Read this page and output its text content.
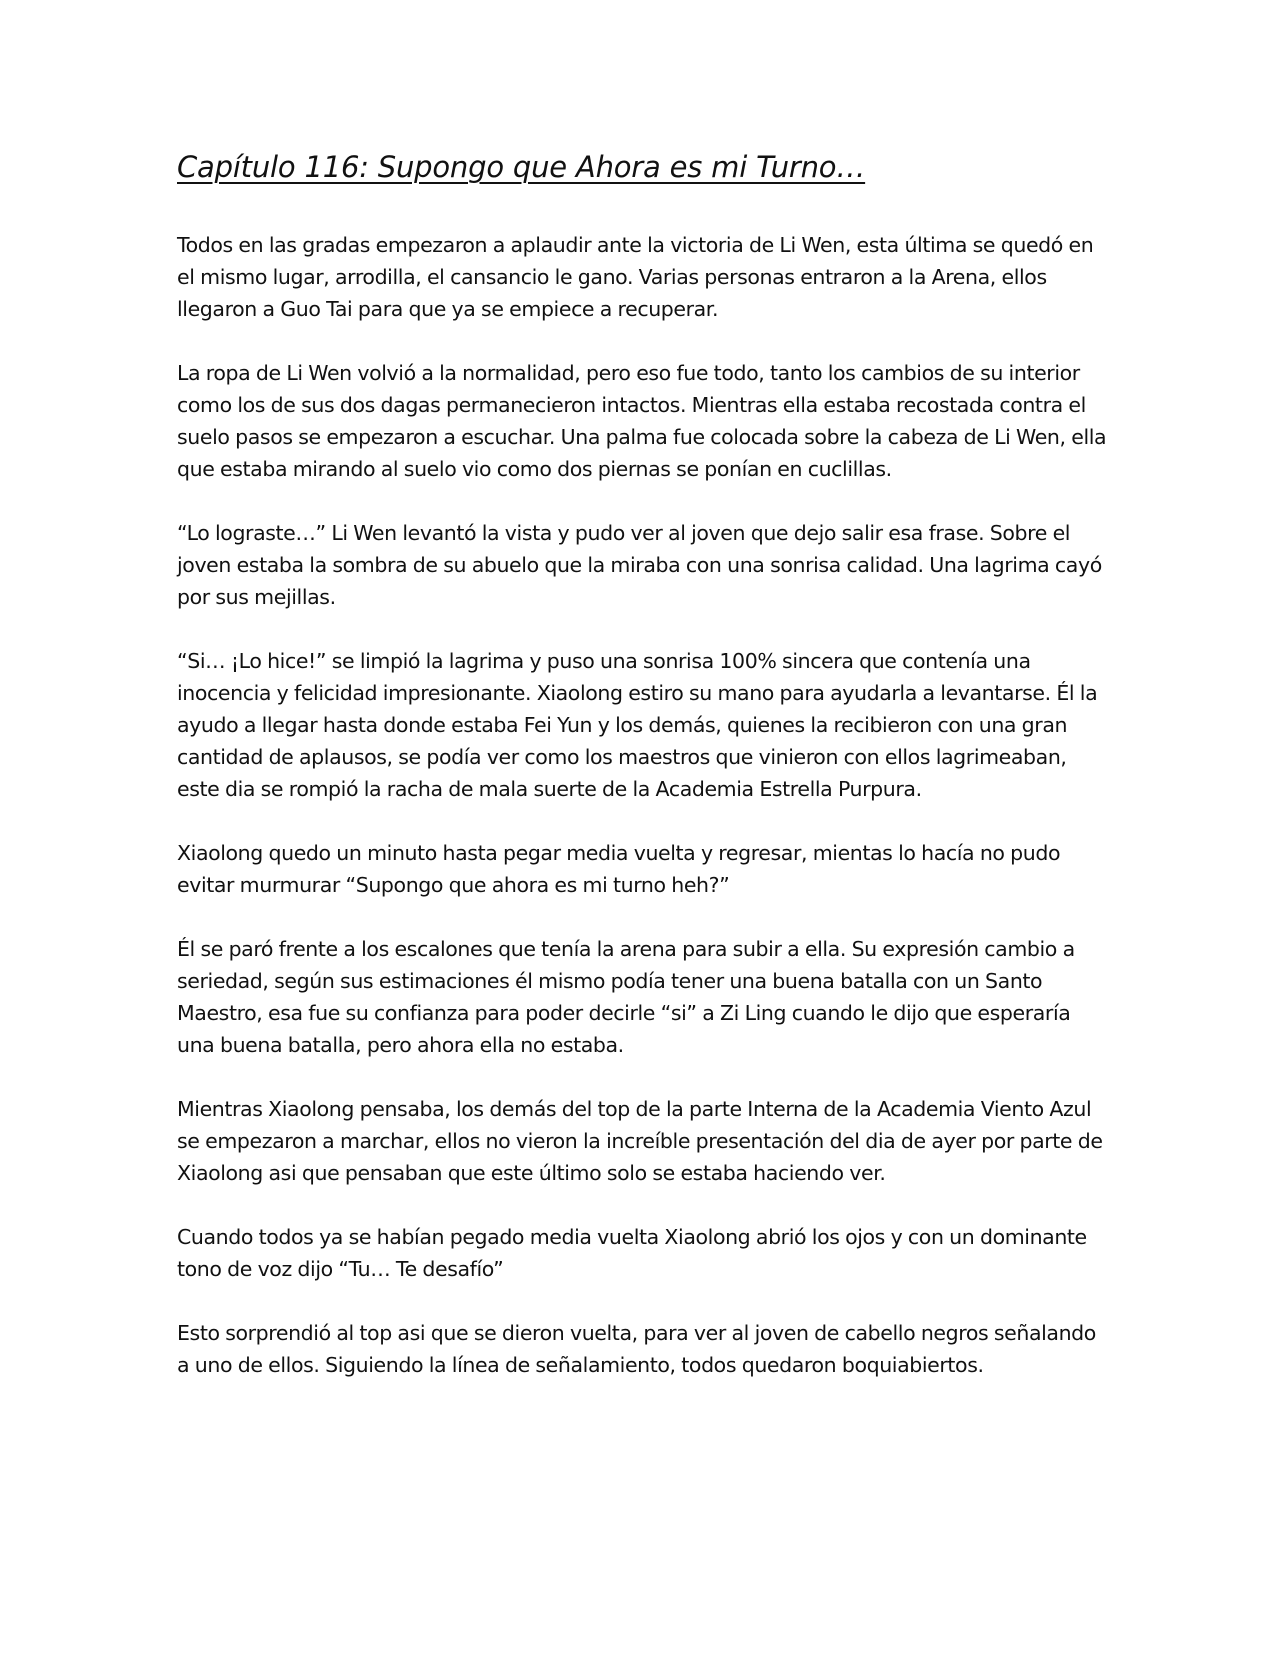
Capítulo 116: Supongo que Ahora es mi Turno…

Todos en las gradas empezaron a aplaudir ante la victoria de Li Wen, esta última se quedó en el mismo lugar, arrodilla, el cansancio le gano. Varias personas entraron a la Arena, ellos llegaron a Guo Tai para que ya se empiece a recuperar.

La ropa de Li Wen volvió a la normalidad, pero eso fue todo, tanto los cambios de su interior como los de sus dos dagas permanecieron intactos. Mientras ella estaba recostada contra el suelo pasos se empezaron a escuchar. Una palma fue colocada sobre la cabeza de Li Wen, ella que estaba mirando al suelo vio como dos piernas se ponían en cuclillas.

“Lo lograste…” Li Wen levantó la vista y pudo ver al joven que dejo salir esa frase. Sobre el joven estaba la sombra de su abuelo que la miraba con una sonrisa calidad. Una lagrima cayó por sus mejillas.

“Si… ¡Lo hice!” se limpió la lagrima y puso una sonrisa 100% sincera que contenía una inocencia y felicidad impresionante. Xiaolong estiro su mano para ayudarla a levantarse. Él la ayudo a llegar hasta donde estaba Fei Yun y los demás, quienes la recibieron con una gran cantidad de aplausos, se podía ver como los maestros que vinieron con ellos lagrimeaban, este dia se rompió la racha de mala suerte de la Academia Estrella Purpura.

Xiaolong quedo un minuto hasta pegar media vuelta y regresar, mientas lo hacía no pudo evitar murmurar “Supongo que ahora es mi turno heh?”

Él se paró frente a los escalones que tenía la arena para subir a ella. Su expresión cambio a seriedad, según sus estimaciones él mismo podía tener una buena batalla con un Santo Maestro, esa fue su confianza para poder decirle “si” a Zi Ling cuando le dijo que esperaría una buena batalla, pero ahora ella no estaba.

Mientras Xiaolong pensaba, los demás del top de la parte Interna de la Academia Viento Azul se empezaron a marchar, ellos no vieron la increíble presentación del dia de ayer por parte de Xiaolong asi que pensaban que este último solo se estaba haciendo ver.

Cuando todos ya se habían pegado media vuelta Xiaolong abrió los ojos y con un dominante tono de voz dijo “Tu… Te desafío”

Esto sorprendió al top asi que se dieron vuelta, para ver al joven de cabello negros señalando a uno de ellos. Siguiendo la línea de señalamiento, todos quedaron boquiabiertos.
